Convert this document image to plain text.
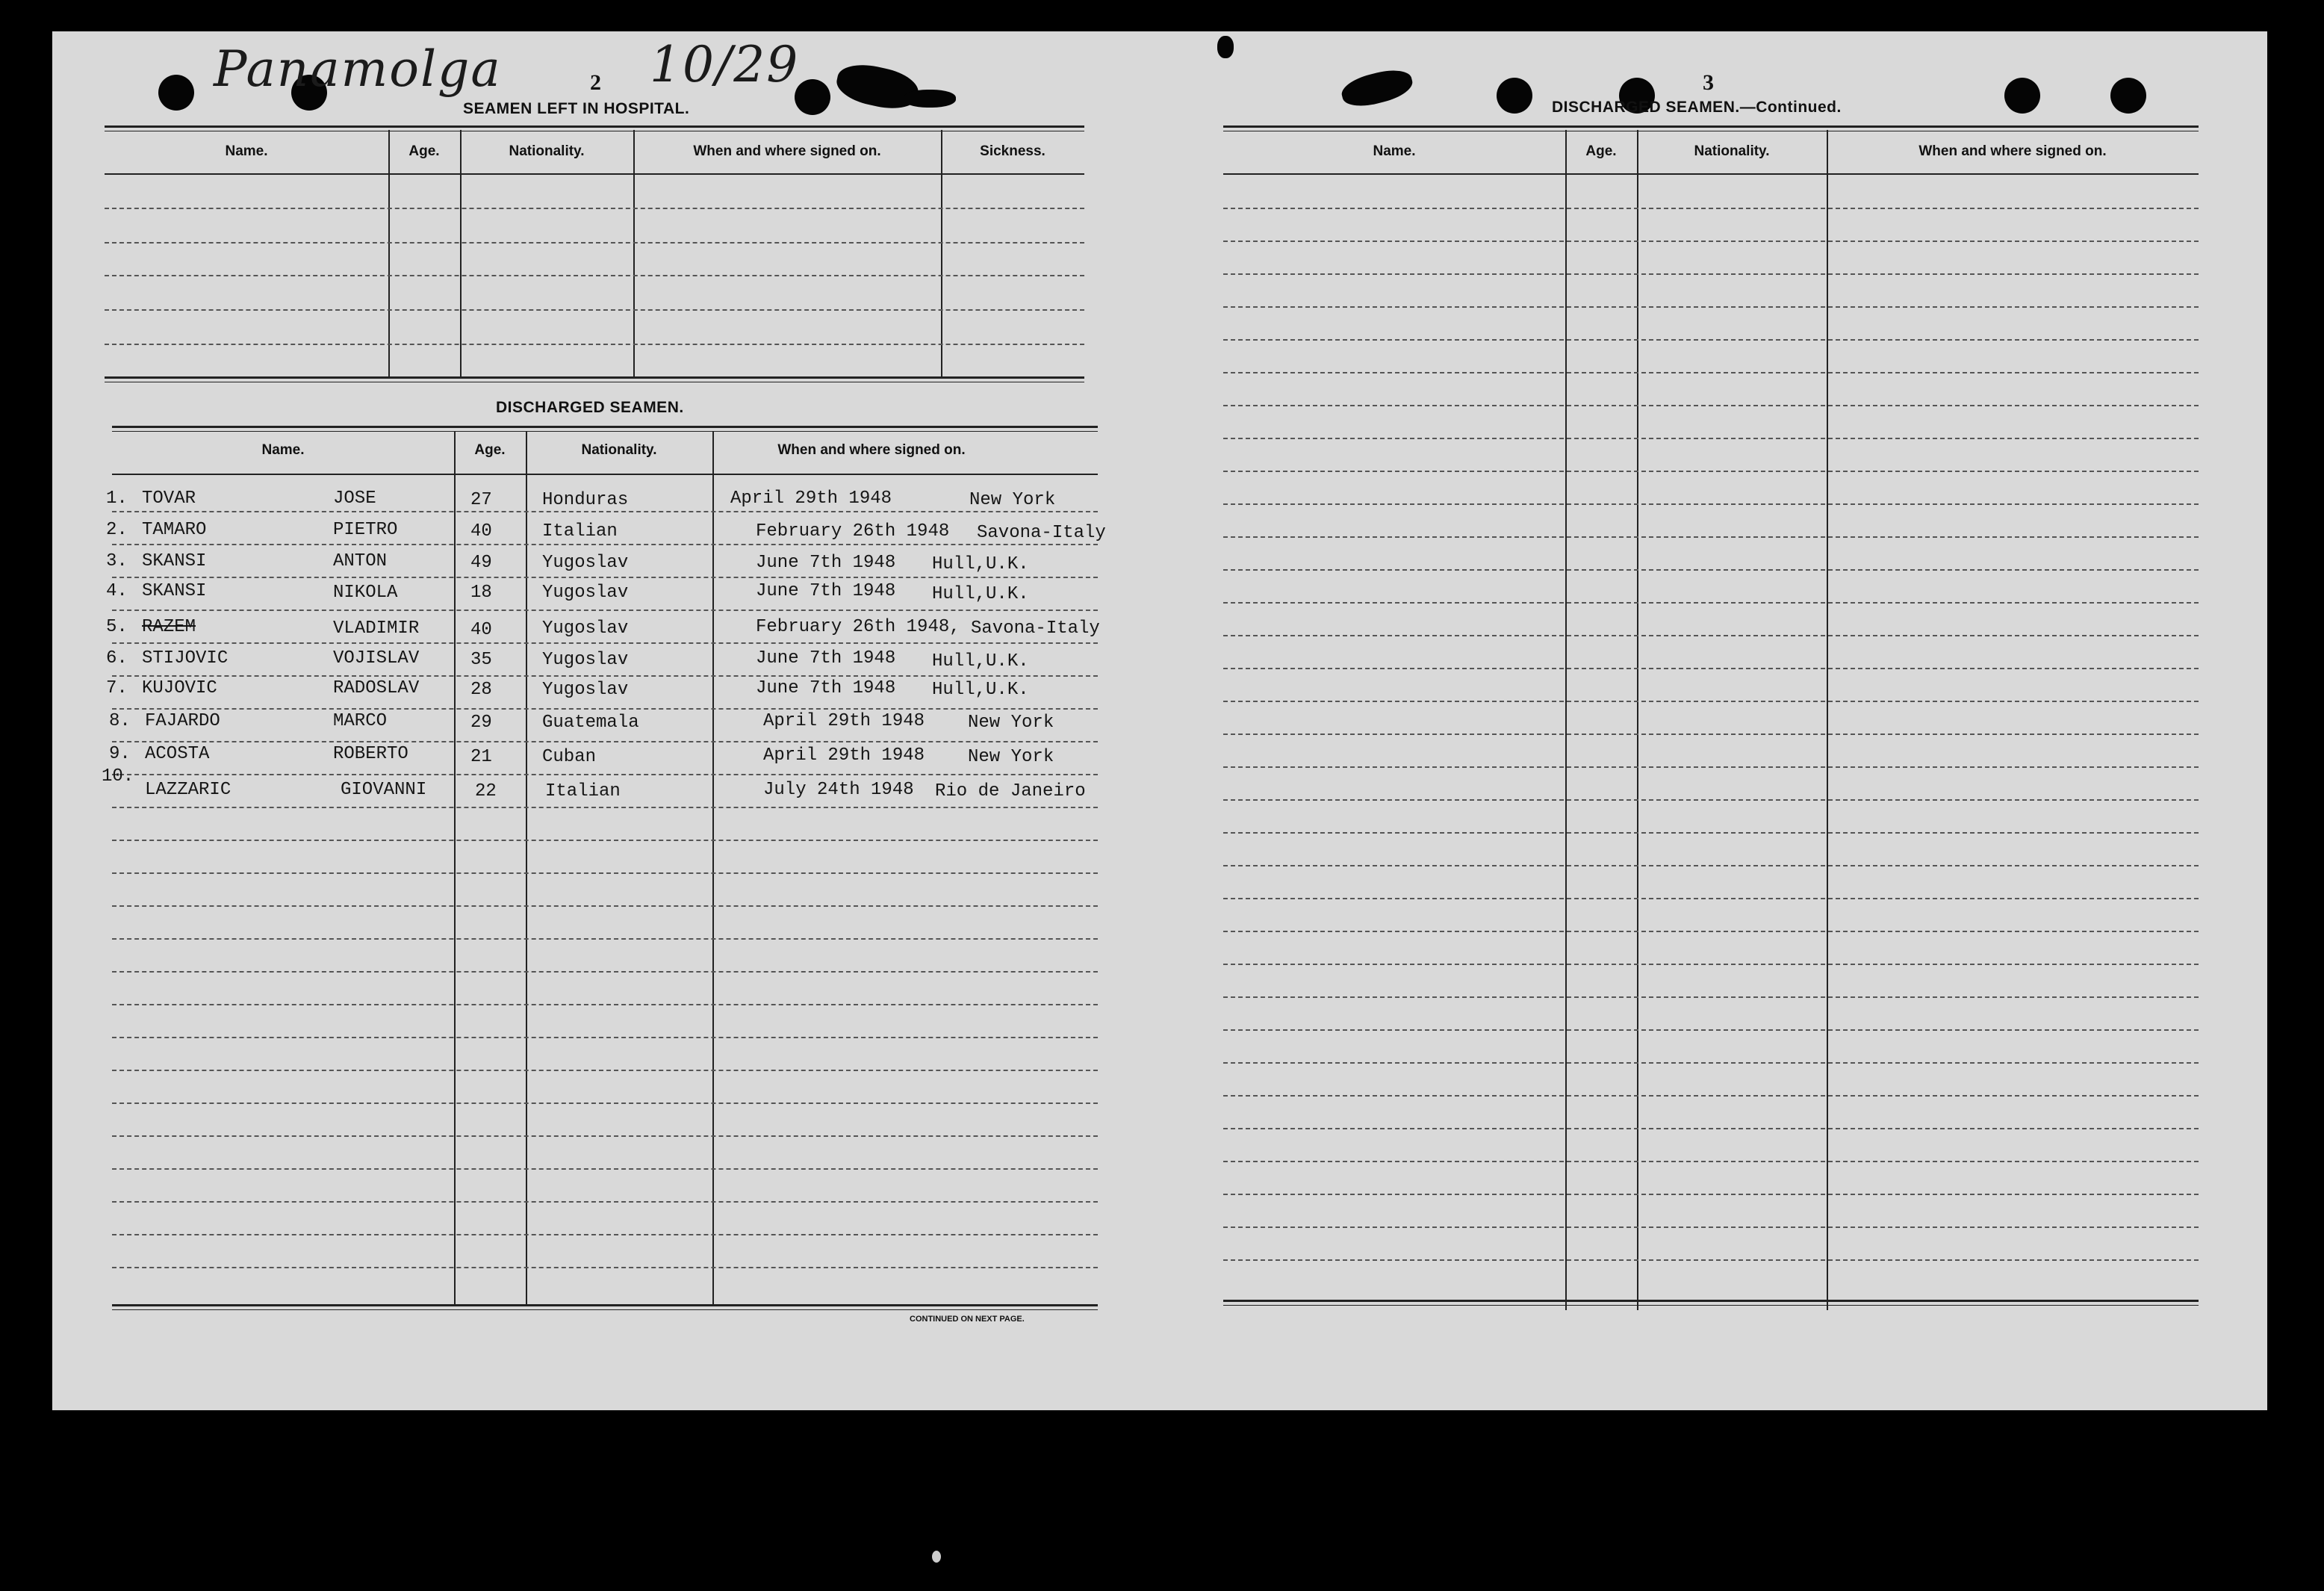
Panamolga	10/29
2
SEAMEN LEFT IN HOSPITAL.
Name.	Age.	Nationality.	When and where signed on.	Sickness.
DISCHARGED SEAMEN.
Name.	Age.	Nationality.	When and where signed on.
1. TOVAR	JOSE	27	Honduras	April 29th 1948	New York
2. TAMARO	PIETRO	40	Italian	February 26th 1948 Savona-Italy
3. SKANSI	ANTON	49	Yugoslav	June 7th 1948 Hull,U.K.
4. SKANSI	NIKOLA	18	Yugoslav	June 7th 1948 Hull,U.K.
5. RAZEM	VLADIMIR	40	Yugoslav	February 26th 1948, Savona-Italy
6. STIJOVIC	VOJISLAV	35	Yugoslav	June 7th 1948 Hull,U.K.
7. KUJOVIC	RADOSLAV	28	Yugoslav	June 7th 1948 Hull,U.K.
8. FAJARDO	MARCO	29	Guatemala	April 29th 1948 New York
9. ACOSTA	ROBERTO	21	Cuban	April 29th 1948 New York
10.
LAZZARIC	GIOVANNI	22	Italian	July 24th 1948 Rio de Janeiro
CONTINUED ON NEXT PAGE.
3
DISCHARGED SEAMEN.—Continued.
Name.	Age.	Nationality.	When and where signed on.
